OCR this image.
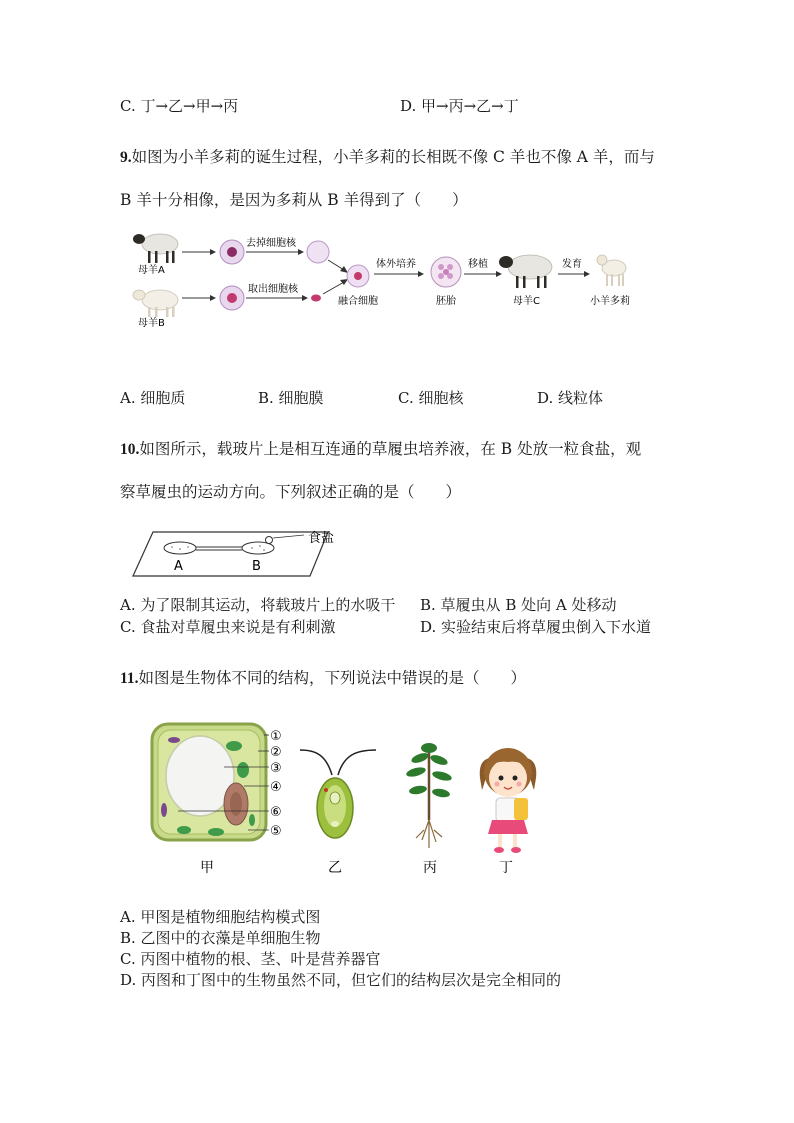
C. 丁→乙→甲→丙	D. 甲→丙→乙→丁
9.如图为小羊多莉的诞生过程，小羊多莉的长相既不像 C 羊也不像 A 羊，而与
B 羊十分相像，是因为多莉从 B 羊得到了（　　）
母羊A
母羊B
去掉细胞核
取出细胞核
融合细胞
体外培养
胚胎
移植
母羊C
发育
小羊多莉
A. 细胞质	B. 细胞膜	C. 细胞核	D. 线粒体
10.如图所示，载玻片上是相互连通的草履虫培养液，在 B 处放一粒食盐，观
察草履虫的运动方向。下列叙述正确的是（　　）
食盐
A	B
A. 为了限制其运动，将载玻片上的水吸干 B. 草履虫从 B 处向 A 处移动
C. 食盐对草履虫来说是有利刺激	D. 实验结束后将草履虫倒入下水道
11.如图是生物体不同的结构，下列说法中错误的是（　　）
①
②
③
④
⑥
⑤
甲	乙	丙	丁
A. 甲图是植物细胞结构模式图
B. 乙图中的衣藻是单细胞生物
C. 丙图中植物的根、茎、叶是营养器官
D. 丙图和丁图中的生物虽然不同，但它们的结构层次是完全相同的
